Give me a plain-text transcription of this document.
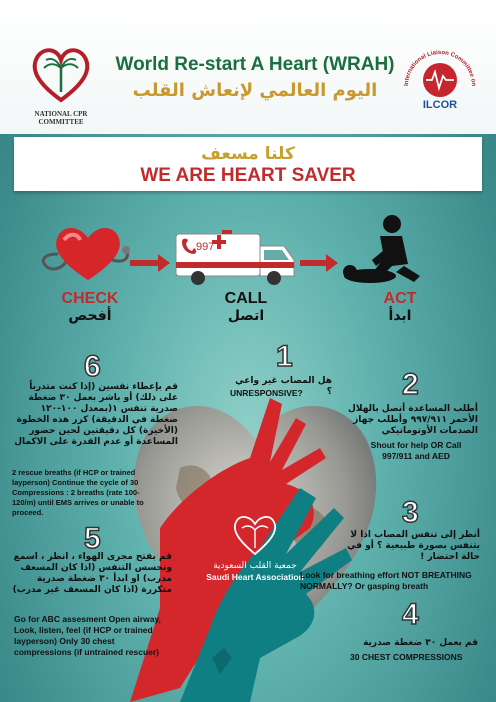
NATIONAL CPR COMMITTEE
World Re-start A Heart (WRAH)
اليوم العالمي لإنعاش القلب	International Liaison Committee on
ILCOR
كلنا مسعف
WE ARE HEART SAVER
997
CHECK
أفحص
CALL
اتصل
ACT
ابدأ
جمعية القلب السعودية
Saudi Heart Association
1
هل المصاب غير واعي ؟
UNRESPONSIVE?	2
أطلب المساعدة أتصل بالهلال الأحمر ٩٩٧/٩١١ وأطلب جهاز الصدمات الأوتوماتيكي
Shout for help OR Call 997/911 and AED
3
أنظر إلى تنفس المصاب اذا لا يتنفس بصورة طبيعية ؟ أو في حالة احتضار !
Look for breathing effort NOT BREATHING NORMALLY? Or gasping breath
4
قم بعمل ٣٠ ضغطة صدرية
30 CHEST COMPRESSIONS
5
قم بفتح مجرى الهواء ، انظر ، اسمع وتحسس التنفس (اذا كان المسعف مدرب) او ابدأ ٣٠ ضغطة صدرية متكررة (اذا كان المسعف غير مدرب)
Go for ABC assesment Open airway, Look, listen, feel (if HCP or trained layperson) Only 30 chest compressions (if untrained rescuer)
6
قم بإعطاء نفسين (إذا كنت متدرباً على ذلك) أو باشر بعمل ٣٠ ضغطة صدرية تنفس ١(بمعدل ١٠٠-١٢٠ ضغطة في الدقيقة) كرر هذه الخطوة (الأخيرة) كل دقيقتين لحين حضور المساعدة أو عدم القدرة على الاكمال
2 rescue breaths (if HCP or trained layperson) Continue the cycle of 30 Compressions : 2 breaths (rate 100-120/m) until EMS arrives or unable to proceed.
